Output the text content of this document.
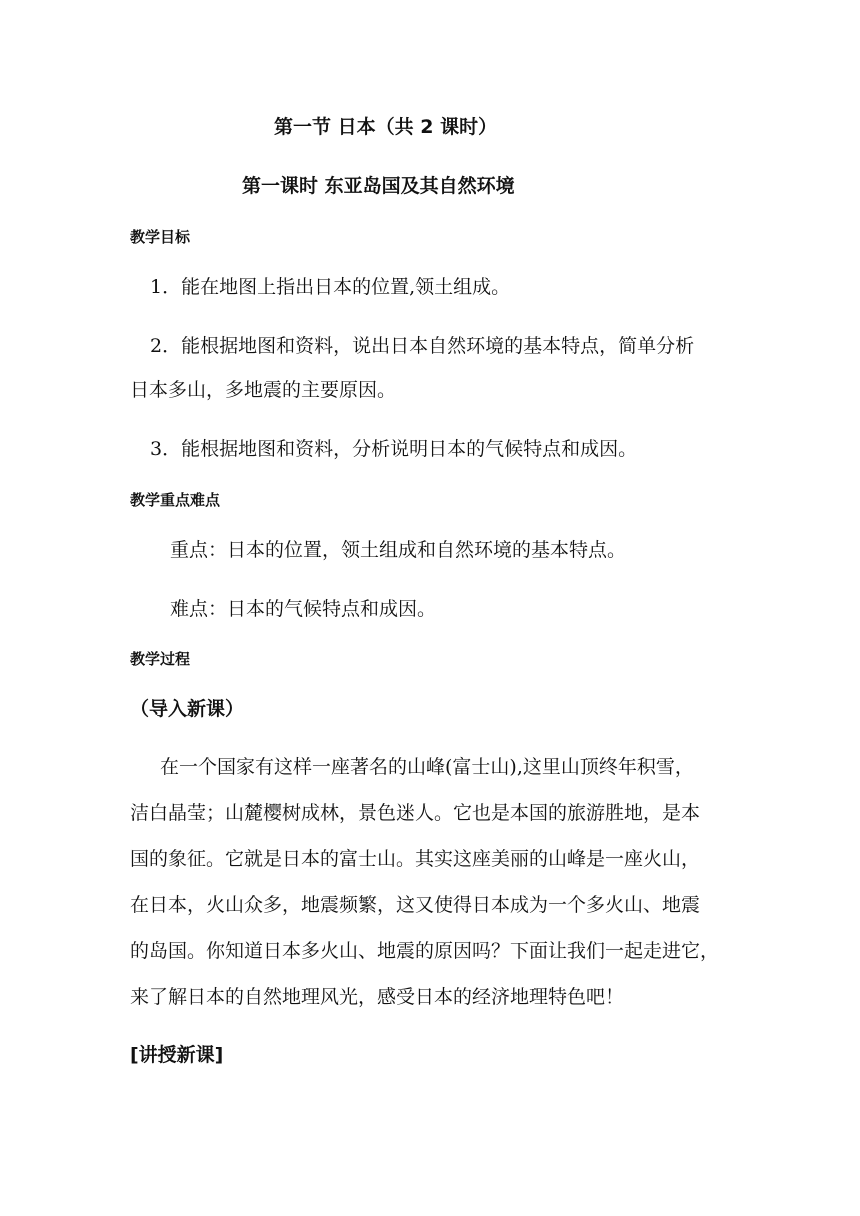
第一节 日本（共 2 课时）
第一课时 东亚岛国及其自然环境
教学目标
1．能在地图上指出日本的位置,领土组成。
2．能根据地图和资料，说出日本自然环境的基本特点，简单分析
日本多山，多地震的主要原因。
3．能根据地图和资料，分析说明日本的气候特点和成因。
教学重点难点
重点：日本的位置，领土组成和自然环境的基本特点。
难点：日本的气候特点和成因。
教学过程
（导入新课）
在一个国家有这样一座著名的山峰(富士山),这里山顶终年积雪，
洁白晶莹；山麓樱树成林，景色迷人。它也是本国的旅游胜地，是本
国的象征。它就是日本的富士山。其实这座美丽的山峰是一座火山，
在日本，火山众多，地震频繁，这又使得日本成为一个多火山、地震
的岛国。你知道日本多火山、地震的原因吗？下面让我们一起走进它，
来了解日本的自然地理风光，感受日本的经济地理特色吧！
[讲授新课]
